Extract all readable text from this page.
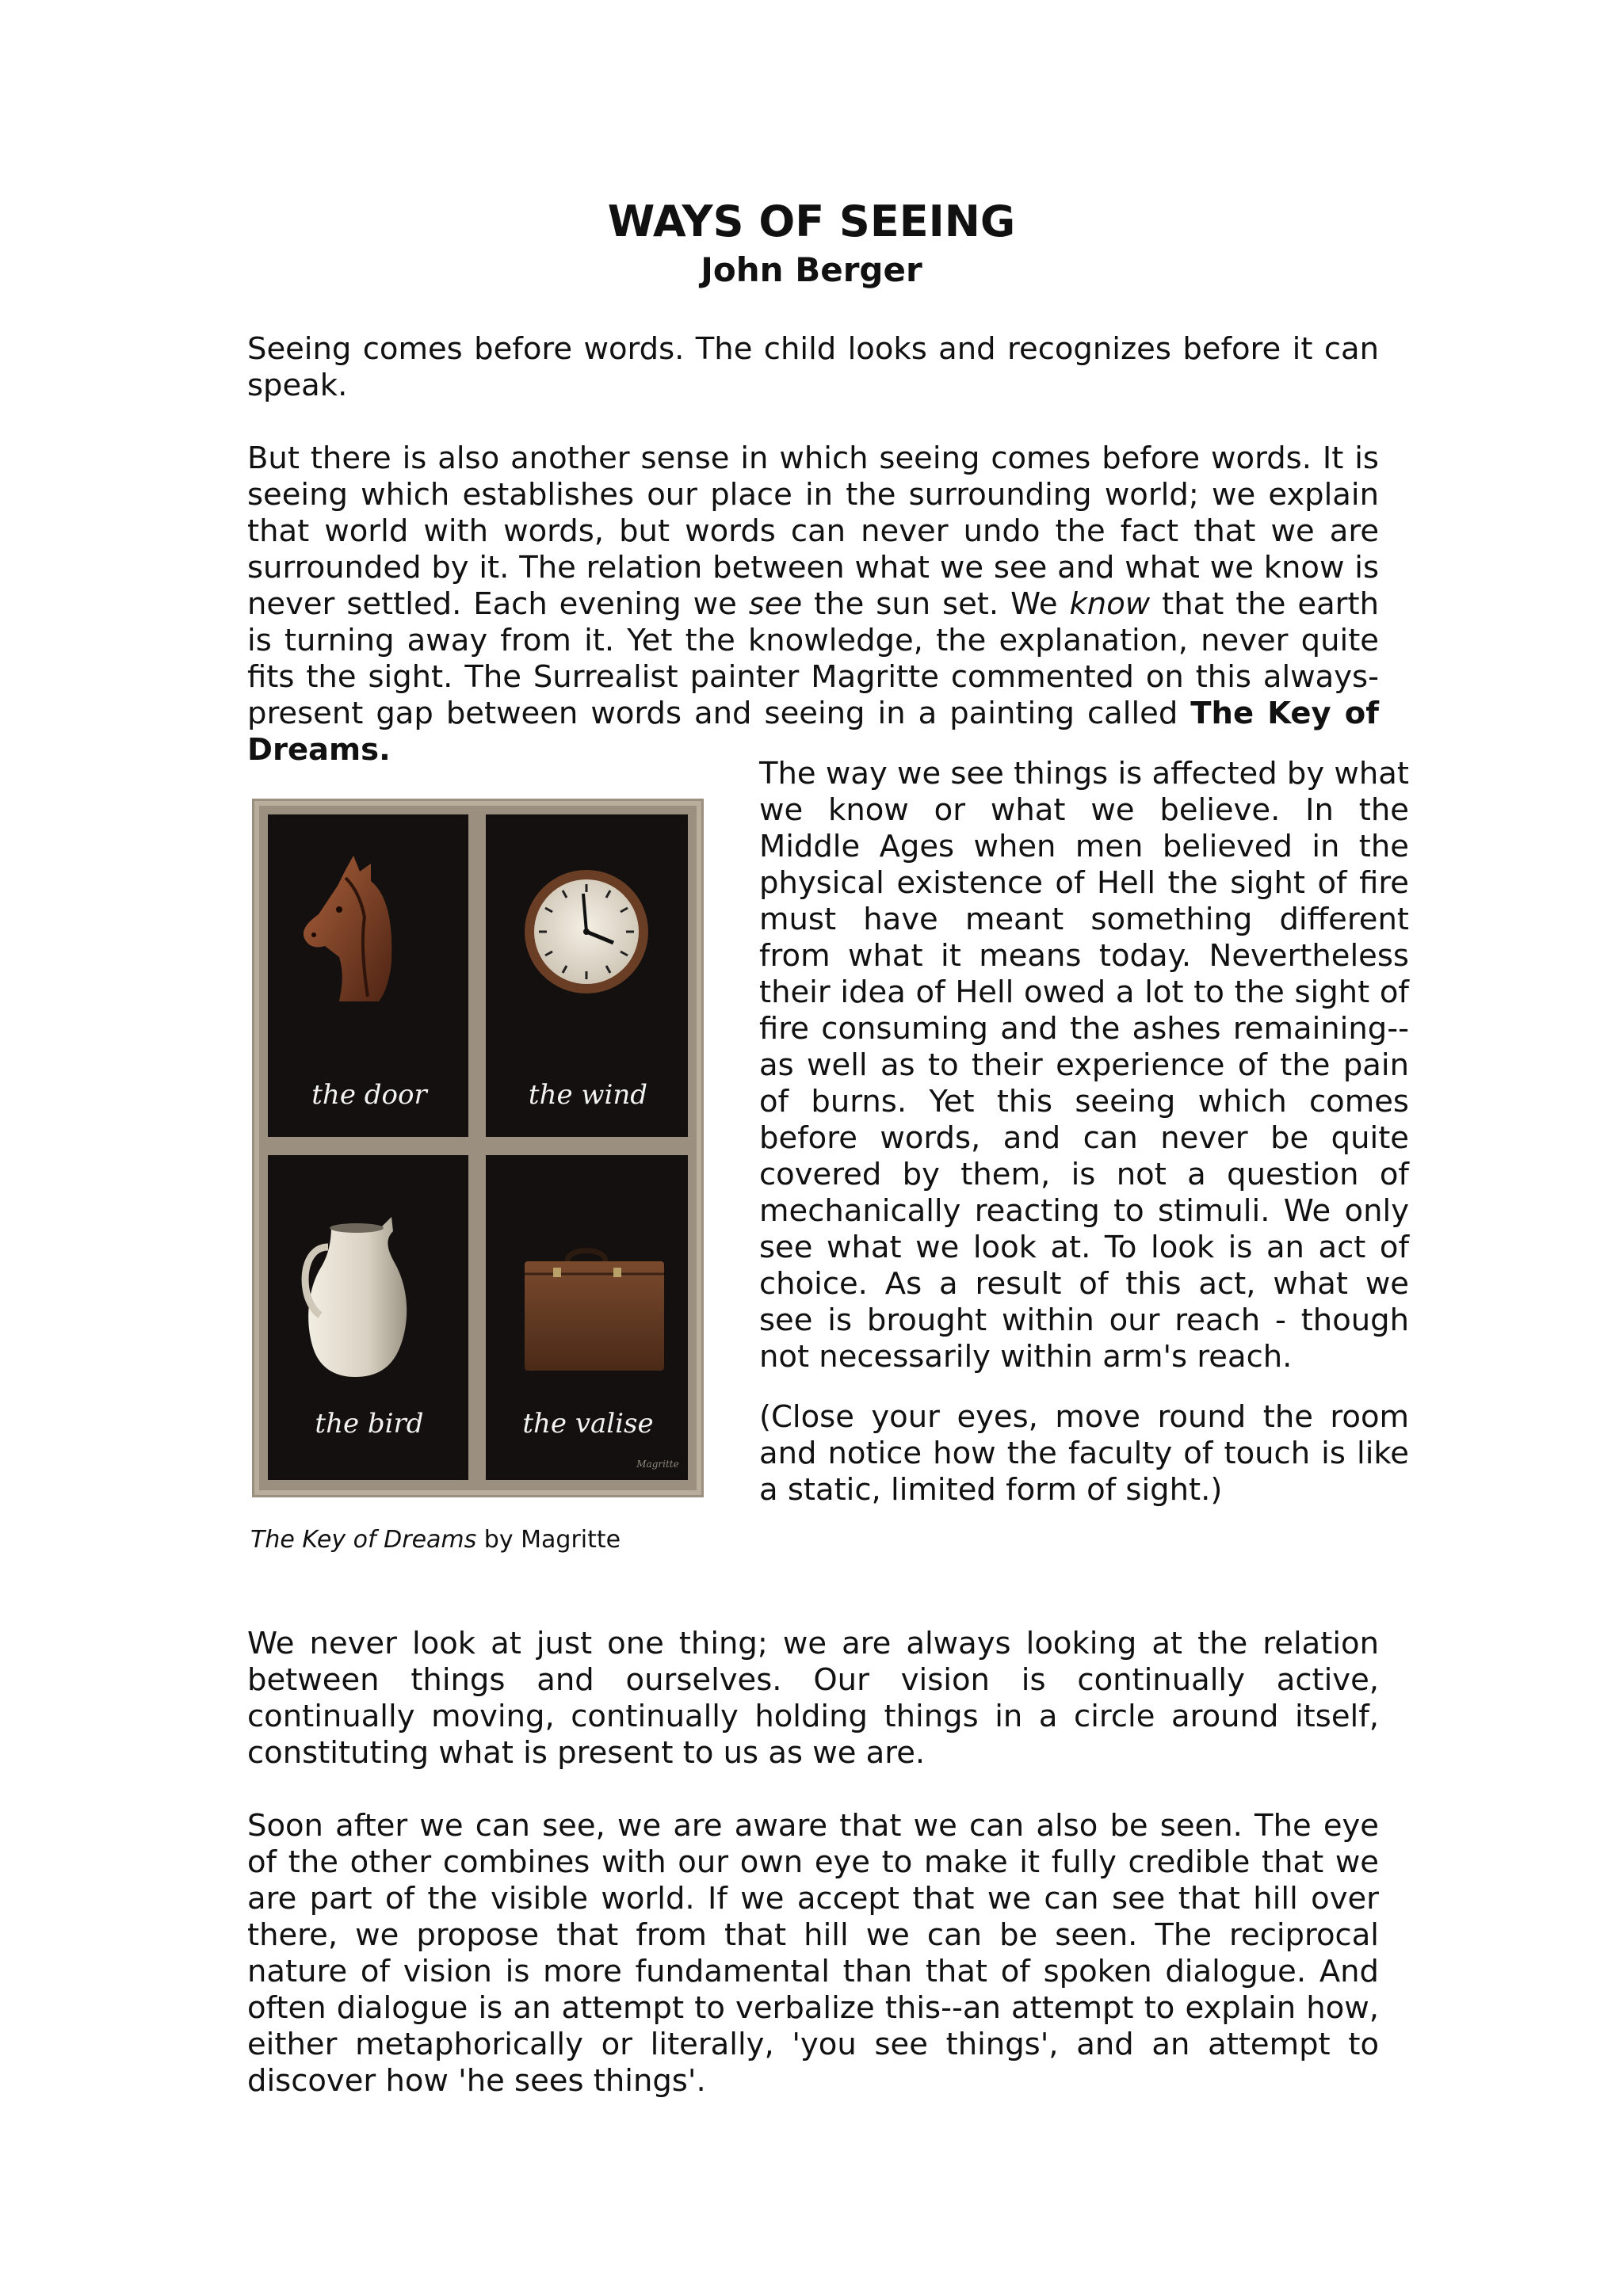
WAYS OF SEEING
John Berger

Seeing comes before words. The child looks and recognizes before it can speak.

But there is also another sense in which seeing comes before words. It is seeing which establishes our place in the surrounding world; we explain that world with words, but words can never undo the fact that we are surrounded by it. The relation between what we see and what we know is never settled. Each evening we see the sun set. We know that the earth is turning away from it. Yet the knowledge, the explanation, never quite fits the sight. The Surrealist painter Magritte commented on this always-present gap between words and seeing in a painting called The Key of Dreams.

The way we see things is affected by what we know or what we believe. In the Middle Ages when men believed in the physical existence of Hell the sight of fire must have meant something different from what it means today. Nevertheless their idea of Hell owed a lot to the sight of fire consuming and the ashes remaining--as well as to their experience of the pain of burns. Yet this seeing which comes before words, and can never be quite covered by them, is not a question of mechanically reacting to stimuli. We only see what we look at. To look is an act of choice. As a result of this act, what we see is brought within our reach - though not necessarily within arm's reach.

(Close your eyes, move round the room and notice how the faculty of touch is like a static, limited form of sight.)

the door	the wind
the bird	the valise
Magritte

The Key of Dreams by Magritte

We never look at just one thing; we are always looking at the relation between things and ourselves. Our vision is continually active, continually moving, continually holding things in a circle around itself, constituting what is present to us as we are.

Soon after we can see, we are aware that we can also be seen. The eye of the other combines with our own eye to make it fully credible that we are part of the visible world. If we accept that we can see that hill over there, we propose that from that hill we can be seen. The reciprocal nature of vision is more fundamental than that of spoken dialogue. And often dialogue is an attempt to verbalize this--an attempt to explain how, either metaphorically or literally, 'you see things', and an attempt to discover how 'he sees things'.
